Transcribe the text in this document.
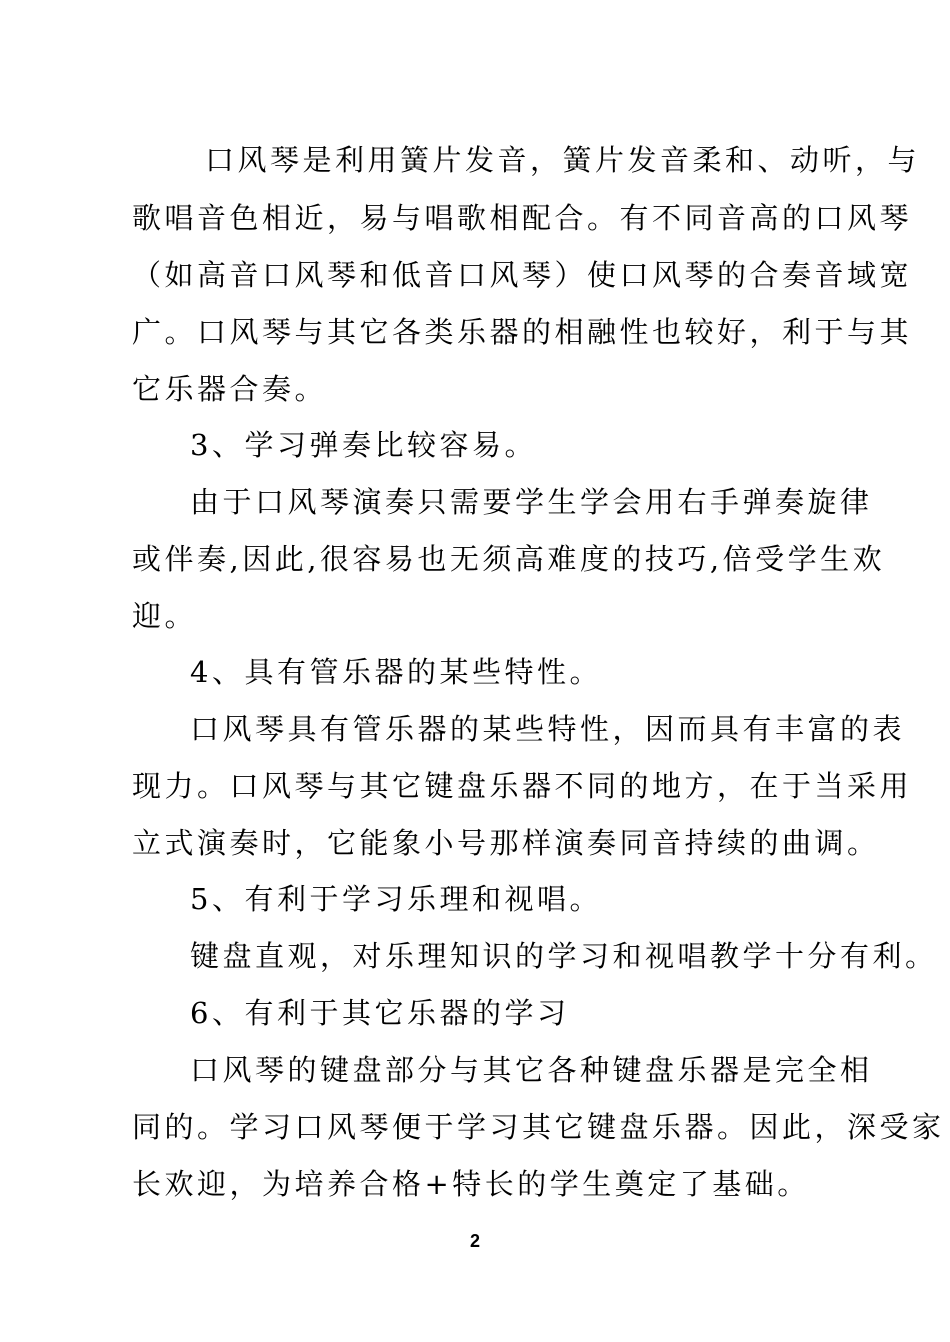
口风琴是利用簧片发音，簧片发音柔和、动听，与
歌唱音色相近，易与唱歌相配合。有不同音高的口风琴
（如高音口风琴和低音口风琴）使口风琴的合奏音域宽
广。口风琴与其它各类乐器的相融性也较好，利于与其
它乐器合奏。
3、学习弹奏比较容易。
由于口风琴演奏只需要学生学会用右手弹奏旋律
或伴奏,因此,很容易也无须高难度的技巧,倍受学生欢
迎。
4、具有管乐器的某些特性。
口风琴具有管乐器的某些特性，因而具有丰富的表
现力。口风琴与其它键盘乐器不同的地方，在于当采用
立式演奏时，它能象小号那样演奏同音持续的曲调。
5、有利于学习乐理和视唱。
键盘直观，对乐理知识的学习和视唱教学十分有利。
6、有利于其它乐器的学习
口风琴的键盘部分与其它各种键盘乐器是完全相
同的。学习口风琴便于学习其它键盘乐器。因此，深受家
长欢迎，为培养合格+特长的学生奠定了基础。
2
